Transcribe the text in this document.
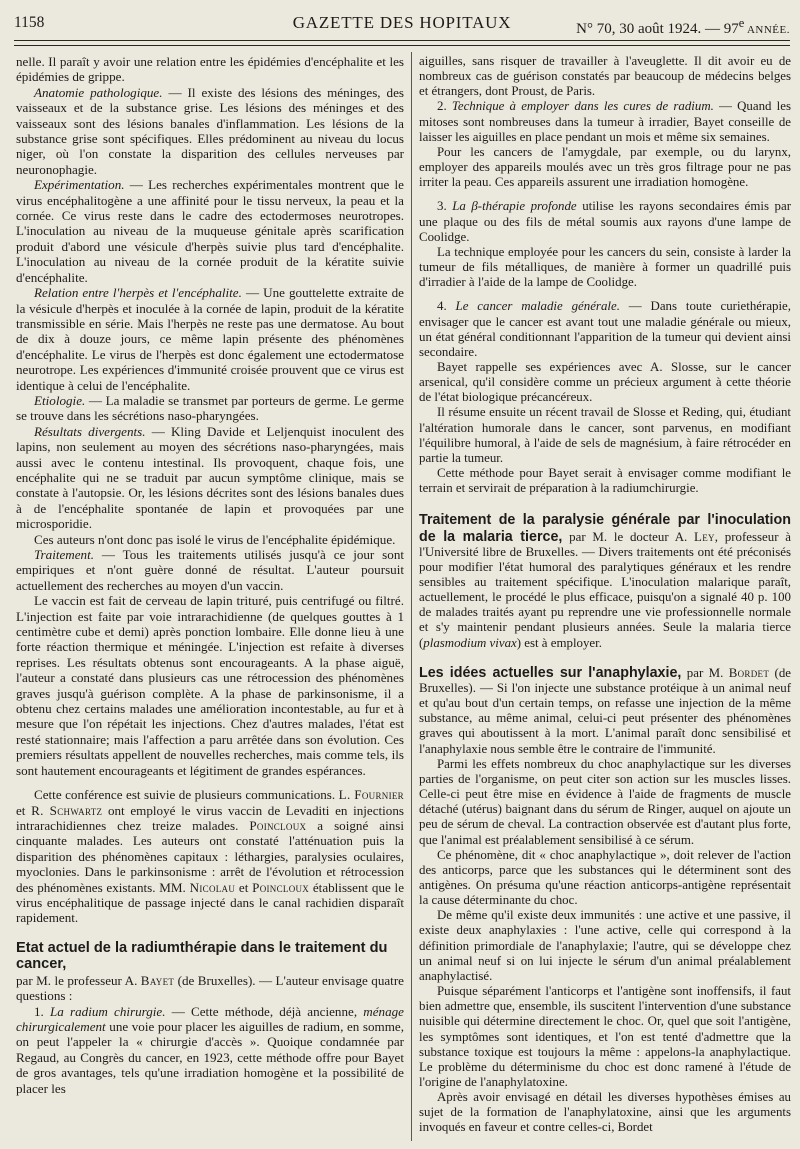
1158	GAZETTE DES HOPITAUX	N° 70, 30 août 1924. — 97e ANNÉE.

nelle. Il paraît y avoir une relation entre les épidémies d'encéphalite et les épidémies de grippe.

Anatomie pathologique. — Il existe des lésions des méninges, des vaisseaux et de la substance grise. Les lésions des méninges et des vaisseaux sont des lésions banales d'inflammation. Les lésions de la substance grise sont spécifiques. Elles prédominent au niveau du locus niger, où l'on constate la disparition des cellules nerveuses par neuronophagie.

Expérimentation. — Les recherches expérimentales montrent que le virus encéphalitogène a une affinité pour le tissu nerveux, la peau et la cornée. Ce virus reste dans le cadre des ectodermoses neurotropes. L'inoculation au niveau de la muqueuse génitale après scarification produit d'abord une vésicule d'herpès suivie plus tard d'encéphalite. L'inoculation au niveau de la cornée produit de la kératite suivie d'encéphalite.

Relation entre l'herpès et l'encéphalite. — Une gouttelette extraite de la vésicule d'herpès et inoculée à la cornée de lapin, produit de la kératite transmissible en série. Mais l'herpès ne reste pas une dermatose. Au bout de dix à douze jours, ce même lapin présente des phénomènes d'encéphalite. Le virus de l'herpès est donc également une ectodermatose neurotrope. Les expériences d'immunité croisée prouvent que ce virus est identique à celui de l'encéphalite.

Etiologie. — La maladie se transmet par porteurs de germe. Le germe se trouve dans les sécrétions naso-pharyngées.

Résultats divergents. — Kling Davide et Leljenquist inoculent des lapins, non seulement au moyen des sécrétions naso-pharyngées, mais aussi avec le contenu intestinal. Ils provoquent, chaque fois, une encéphalite qui ne se traduit par aucun symptôme clinique, mais se constate à l'autopsie. Or, les lésions décrites sont des lésions banales dues à de l'encéphalite spontanée de lapin et provoquées par une microsporidie.

Ces auteurs n'ont donc pas isolé le virus de l'encéphalite épidémique.

Traitement. — Tous les traitements utilisés jusqu'à ce jour sont empiriques et n'ont guère donné de résultat. L'auteur poursuit actuellement des recherches au moyen d'un vaccin.

Le vaccin est fait de cerveau de lapin trituré, puis centrifugé ou filtré. L'injection est faite par voie intrarachidienne (de quelques gouttes à 1 centimètre cube et demi) après ponction lombaire. Elle donne lieu à une forte réaction thermique et méningée. L'injection est refaite à diverses reprises. Les résultats obtenus sont encourageants. A la phase aiguë, l'auteur a constaté dans plusieurs cas une rétrocession des phénomènes graves jusqu'à guérison complète. A la phase de parkinsonisme, il a obtenu chez certains malades une amélioration incontestable, au fur et à mesure que l'on répétait les injections. Chez d'autres malades, l'état est resté stationnaire; mais l'affection a paru arrêtée dans son évolution. Ces premiers résultats appellent de nouvelles recherches, mais comme tels, ils sont hautement encourageants et légitiment de grandes espérances.

Cette conférence est suivie de plusieurs communications. L. Fournier et R. Schwartz ont employé le virus vaccin de Levaditi en injections intrarachidiennes chez treize malades. Poincloux a soigné ainsi cinquante malades. Les auteurs ont constaté l'atténuation puis la disparition des phénomènes capitaux : léthargies, paralysies oculaires, myoclonies. Dans le parkinsonisme : arrêt de l'évolution et rétrocession des phénomènes existants. MM. Nicolau et Poincloux établissent que le virus encéphalitique de passage injecté dans le canal rachidien disparaît rapidement.

Etat actuel de la radiumthérapie dans le traitement du cancer,

par M. le professeur A. Bayet (de Bruxelles). — L'auteur envisage quatre questions :

1. La radium chirurgie. — Cette méthode, déjà ancienne, ménage chirurgicalement une voie pour placer les aiguilles de radium, en somme, on peut l'appeler la « chirurgie d'accès ». Quoique condamnée par Regaud, au Congrès du cancer, en 1923, cette méthode offre pour Bayet de gros avantages, tels qu'une irradiation homogène et la possibilité de placer les

aiguilles, sans risquer de travailler à l'aveuglette. Il dit avoir eu de nombreux cas de guérison constatés par beaucoup de médecins belges et étrangers, dont Proust, de Paris.

2. Technique à employer dans les cures de radium. — Quand les mitoses sont nombreuses dans la tumeur à irradier, Bayet conseille de laisser les aiguilles en place pendant un mois et même six semaines.

Pour les cancers de l'amygdale, par exemple, ou du larynx, employer des appareils moulés avec un très gros filtrage pour ne pas irriter la peau. Ces appareils assurent une irradiation homogène.

3. La β-thérapie profonde utilise les rayons secondaires émis par une plaque ou des fils de métal soumis aux rayons d'une lampe de Coolidge.

La technique employée pour les cancers du sein, consiste à larder la tumeur de fils métalliques, de manière à former un quadrillé puis d'irradier à l'aide de la lampe de Coolidge.

4. Le cancer maladie générale. — Dans toute curiethérapie, envisager que le cancer est avant tout une maladie générale ou mieux, un état général conditionnant l'apparition de la tumeur qui devient ainsi secondaire.

Bayet rappelle ses expériences avec A. Slosse, sur le cancer arsenical, qu'il considère comme un précieux argument à cette théorie de l'état biologique précancéreux.

Il résume ensuite un récent travail de Slosse et Reding, qui, étudiant l'altération humorale dans le cancer, sont parvenus, en modifiant l'équilibre humoral, à l'aide de sels de magnésium, à faire rétrocéder en partie la tumeur.

Cette méthode pour Bayet serait à envisager comme modifiant le terrain et servirait de préparation à la radiumchirurgie.

Traitement de la paralysie générale par l'inoculation de la malaria tierce, par M. le docteur A. Ley, professeur à l'Université libre de Bruxelles. — Divers traitements ont été préconisés pour modifier l'état humoral des paralytiques généraux et les rendre sensibles au traitement spécifique. L'inoculation malarique paraît, actuellement, le procédé le plus efficace, puisqu'on a signalé 40 p. 100 de malades traités ayant pu reprendre une vie professionnelle normale et s'y maintenir pendant plusieurs années. Seule la malaria tierce (plasmodium vivax) est à employer.

Les idées actuelles sur l'anaphylaxie, par M. Bordet (de Bruxelles). — Si l'on injecte une substance protéique à un animal neuf et qu'au bout d'un certain temps, on refasse une injection de la même substance, au même animal, celui-ci peut présenter des phénomènes graves qui aboutissent à la mort. L'animal paraît donc sensibilisé et l'anaphylaxie nous semble être le contraire de l'immunité.

Parmi les effets nombreux du choc anaphylactique sur les diverses parties de l'organisme, on peut citer son action sur les muscles lisses. Celle-ci peut être mise en évidence à l'aide de fragments de muscle détaché (utérus) baignant dans du sérum de Ringer, auquel on ajoute un peu de sérum de cheval. La contraction observée est d'autant plus forte, que l'animal est préalablement sensibilisé à ce sérum.

Ce phénomène, dit « choc anaphylactique », doit relever de l'action des anticorps, parce que les substances qui le déterminent sont des antigènes. On présuma qu'une réaction anticorps-antigène représentait la cause déterminante du choc.

De même qu'il existe deux immunités : une active et une passive, il existe deux anaphylaxies : l'une active, celle qui correspond à la définition primordiale de l'anaphylaxie; l'autre, qui se développe chez un animal neuf si on lui injecte le sérum d'un animal préalablement anaphylactisé.

Puisque séparément l'anticorps et l'antigène sont inoffensifs, il faut bien admettre que, ensemble, ils suscitent l'intervention d'une substance nuisible qui détermine directement le choc. Or, quel que soit l'antigène, les symptômes sont identiques, et l'on est tenté d'admettre que la substance toxique est toujours la même : appelons-la anaphylactique. Le problème du déterminisme du choc est donc ramené à l'étude de l'origine de l'anaphylatoxine.

Après avoir envisagé en détail les diverses hypothèses émises au sujet de la formation de l'anaphylatoxine, ainsi que les arguments invoqués en faveur et contre celles-ci, Bordet
